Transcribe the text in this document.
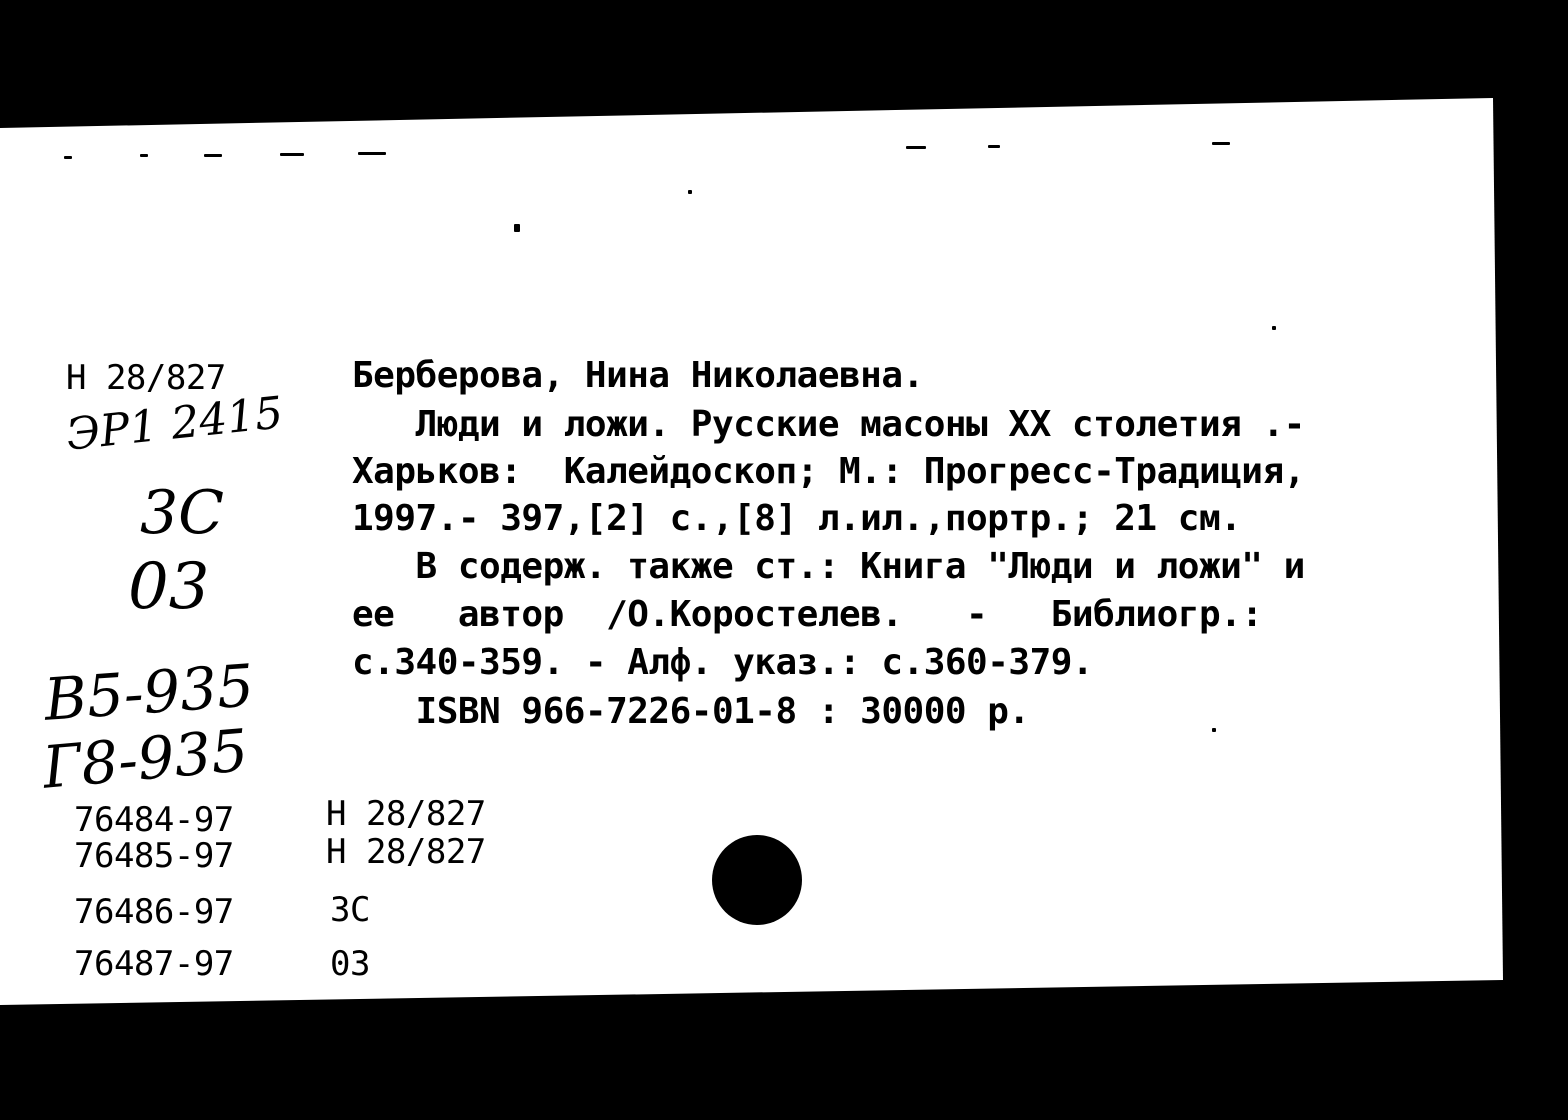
Н 28/827
ЭР1 2415
3С
03
В5-935
Г8-935
Берберова, Нина Николаевна.
Люди и ложи. Русские масоны XX столетия .-
Харьков:  Калейдоскоп; М.: Прогресс-Традиция,
1997.- 397,[2] с.,[8] л.ил.,портр.; 21 см.
В содерж. также ст.: Книга "Люди и ложи" и
ее   автор  /О.Коростелев.   -   Библиогр.:
с.340-359. - Алф. указ.: с.360-379.
ISBN 966-7226-01-8 : 30000 р.
76484-97	Н 28/827
76485-97	Н 28/827
76486-97	3С
76487-97	03
